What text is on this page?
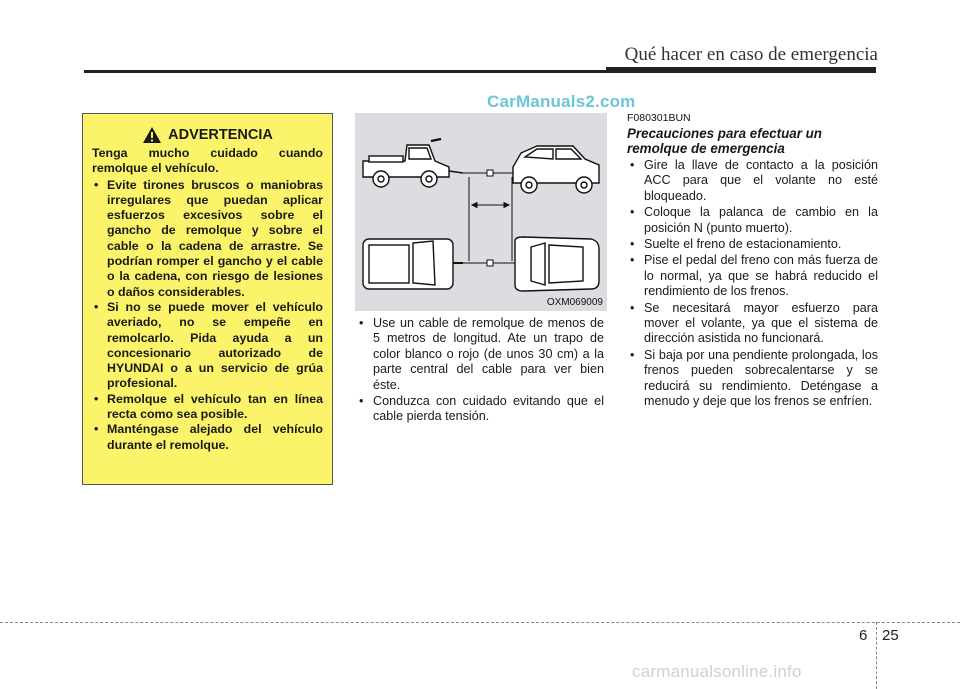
Qué hacer en caso de emergencia
CarManuals2.com
ADVERTENCIA

Tenga mucho cuidado cuando remolque el vehículo.

• Evite tirones bruscos o maniobras irregulares que puedan aplicar esfuerzos excesivos sobre el gancho de remolque y sobre el cable o la cadena de arrastre. Se podrían romper el gancho y el cable o la cadena, con riesgo de lesiones o daños considerables.
• Si no se puede mover el vehículo averiado, no se empeñe en remolcarlo. Pida ayuda a un concesionario autorizado de HYUNDAI o a un servicio de grúa profesional.
• Remolque el vehículo tan en línea recta como sea posible.
• Manténgase alejado del vehículo durante el remolque.
OXM069009
• Use un cable de remolque de menos de 5 metros de longitud. Ate un trapo de color blanco o rojo (de unos 30 cm) a la parte central del cable para ver bien éste.
• Conduzca con cuidado evitando que el cable pierda tensión.
F080301BUN
Precauciones para efectuar un remolque de emergencia
• Gire la llave de contacto a la posición ACC para que el volante no esté bloqueado.
• Coloque la palanca de cambio en la posición N (punto muerto).
• Suelte el freno de estacionamiento.
• Pise el pedal del freno con más fuerza de lo normal, ya que se habrá reducido el rendimiento de los frenos.
• Se necesitará mayor esfuerzo para mover el volante, ya que el sistema de dirección asistida no funcionará.
• Si baja por una pendiente prolongada, los frenos pueden sobrecalentarse y se reducirá su rendimiento. Deténgase a menudo y deje que los frenos se enfríen.
6 25
carmanualsonline.info
